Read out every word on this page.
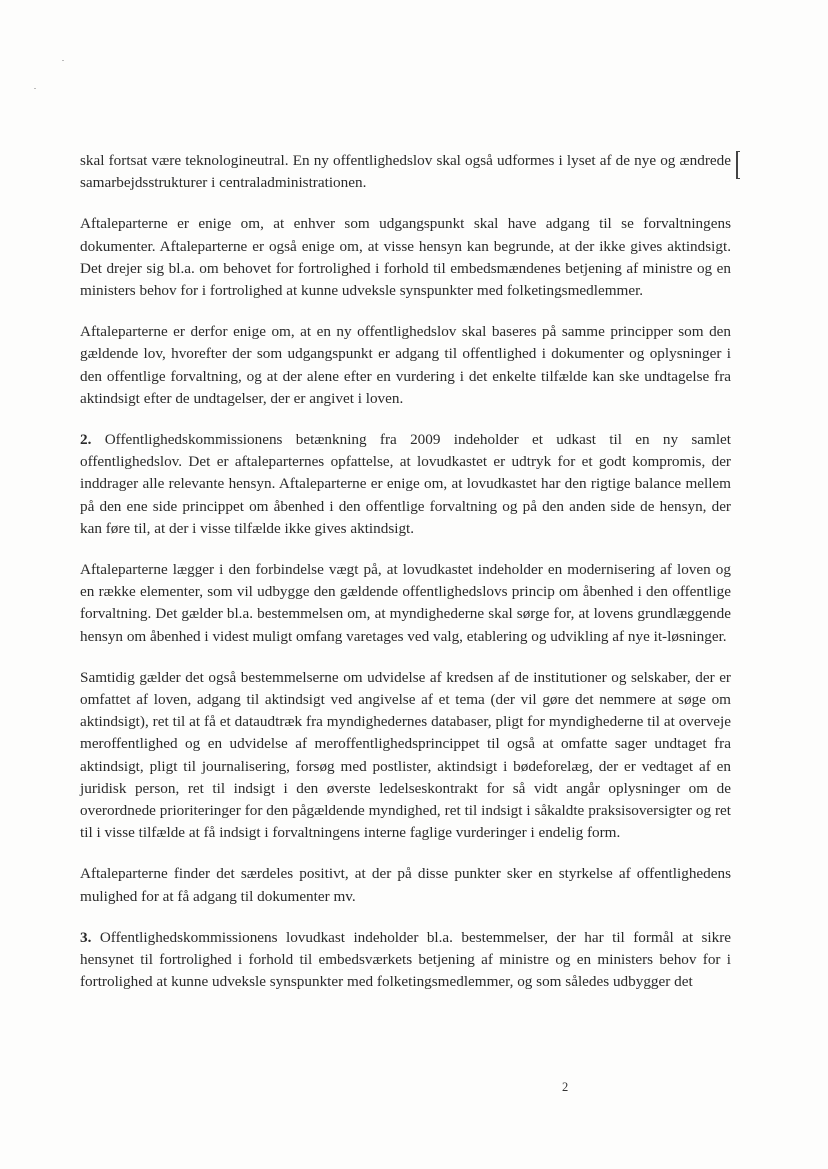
skal fortsat være teknologineutral. En ny offentlighedslov skal også udformes i lyset af de nye og ændrede samarbejdsstrukturer i centraladministrationen.

Aftaleparterne er enige om, at enhver som udgangspunkt skal have adgang til se forvaltningens dokumenter. Aftaleparterne er også enige om, at visse hensyn kan begrunde, at der ikke gives aktindsigt. Det drejer sig bl.a. om behovet for fortrolighed i forhold til embedsmændenes betjening af ministre og en ministers behov for i fortrolighed at kunne udveksle synspunkter med folketingsmedlemmer.

Aftaleparterne er derfor enige om, at en ny offentlighedslov skal baseres på samme principper som den gældende lov, hvorefter der som udgangspunkt er adgang til offentlighed i dokumenter og oplysninger i den offentlige forvaltning, og at der alene efter en vurdering i det enkelte tilfælde kan ske undtagelse fra aktindsigt efter de undtagelser, der er angivet i loven.

2. Offentlighedskommissionens betænkning fra 2009 indeholder et udkast til en ny samlet offentlighedslov. Det er aftaleparternes opfattelse, at lovudkastet er udtryk for et godt kompromis, der inddrager alle relevante hensyn. Aftaleparterne er enige om, at lovudkastet har den rigtige balance mellem på den ene side princippet om åbenhed i den offentlige forvaltning og på den anden side de hensyn, der kan føre til, at der i visse tilfælde ikke gives aktindsigt.

Aftaleparterne lægger i den forbindelse vægt på, at lovudkastet indeholder en modernisering af loven og en række elementer, som vil udbygge den gældende offentlighedslovs princip om åbenhed i den offentlige forvaltning. Det gælder bl.a. bestemmelsen om, at myndighederne skal sørge for, at lovens grundlæggende hensyn om åbenhed i videst muligt omfang varetages ved valg, etablering og udvikling af nye it-løsninger.

Samtidig gælder det også bestemmelserne om udvidelse af kredsen af de institutioner og selskaber, der er omfattet af loven, adgang til aktindsigt ved angivelse af et tema (der vil gøre det nemmere at søge om aktindsigt), ret til at få et dataudtræk fra myndighedernes databaser, pligt for myndighederne til at overveje meroffentlighed og en udvidelse af meroffentlighedsprincippet til også at omfatte sager undtaget fra aktindsigt, pligt til journalisering, forsøg med postlister, aktindsigt i bødeforelæg, der er vedtaget af en juridisk person, ret til indsigt i den øverste ledelseskontrakt for så vidt angår oplysninger om de overordnede prioriteringer for den pågældende myndighed, ret til indsigt i såkaldte praksisoversigter og ret til i visse tilfælde at få indsigt i forvaltningens interne faglige vurderinger i endelig form.

Aftaleparterne finder det særdeles positivt, at der på disse punkter sker en styrkelse af offentlighedens mulighed for at få adgang til dokumenter mv.

3. Offentlighedskommissionens lovudkast indeholder bl.a. bestemmelser, der har til formål at sikre hensynet til fortrolighed i forhold til embedsværkets betjening af ministre og en ministers behov for i fortrolighed at kunne udveksle synspunkter med folketingsmedlemmer, og som således udbygger det

2
